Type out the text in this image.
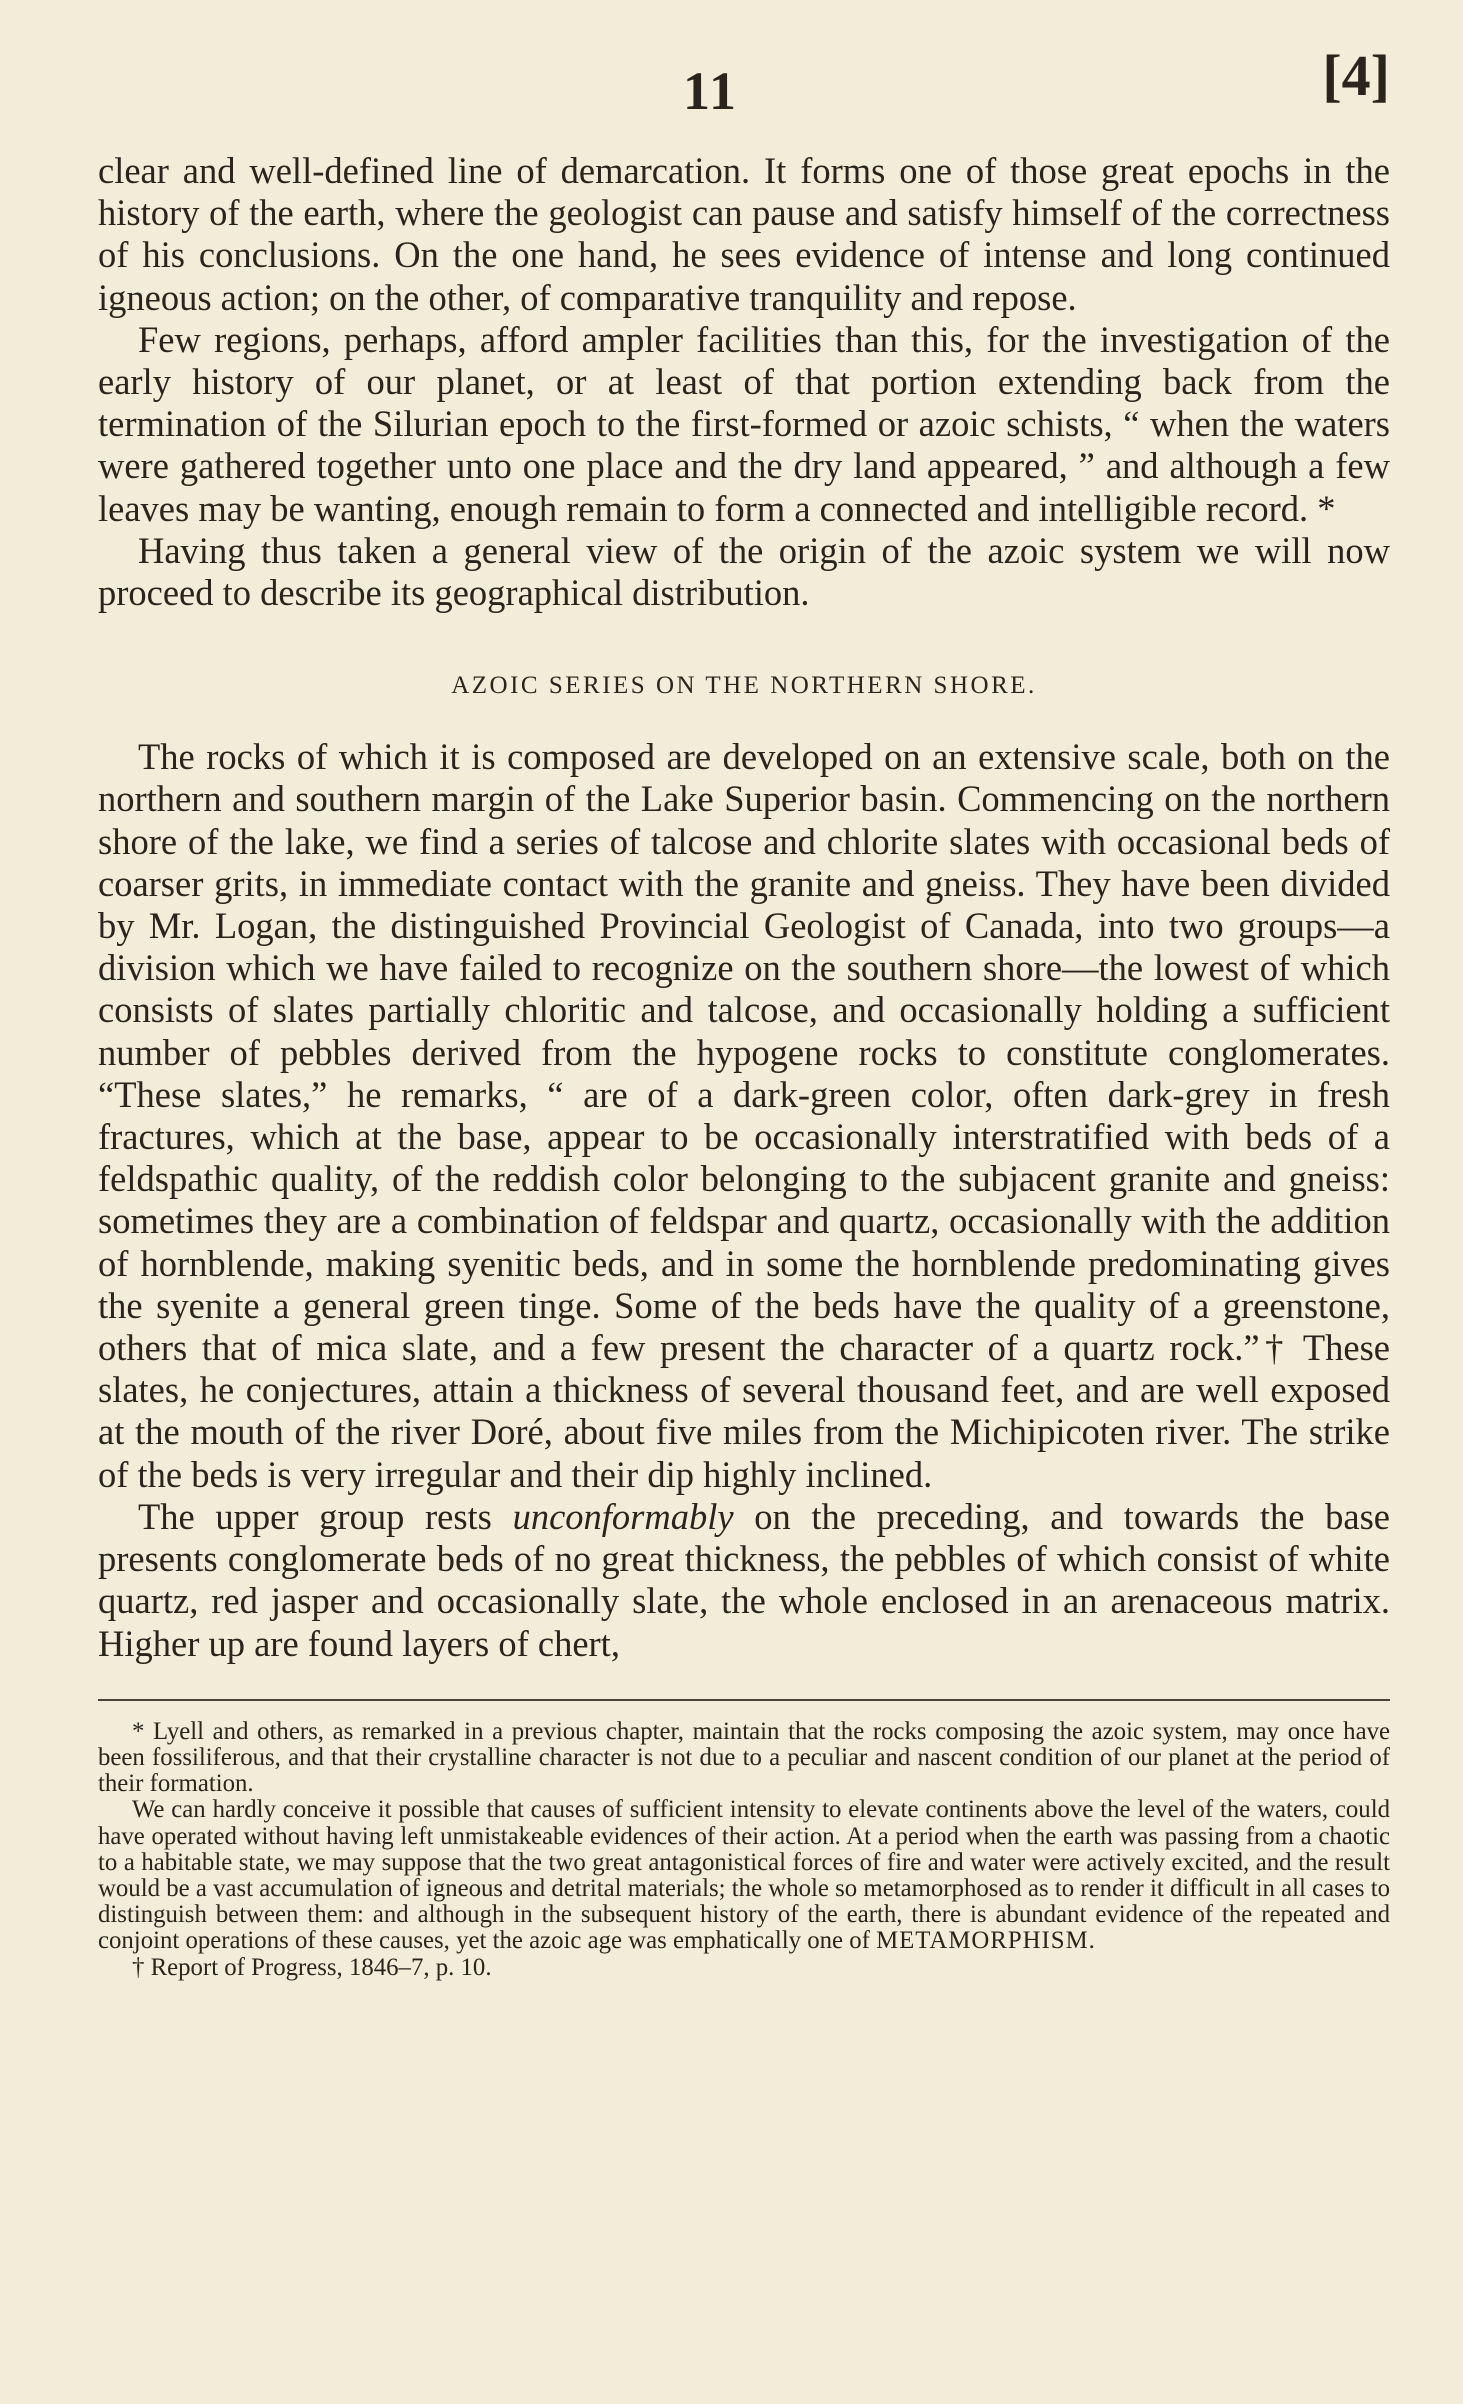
11	[4]

clear and well-defined line of demarcation. It forms one of those great epochs in the history of the earth, where the geologist can pause and satisfy himself of the correctness of his conclusions. On the one hand, he sees evidence of intense and long continued igneous action; on the other, of comparative tranquility and repose.

Few regions, perhaps, afford ampler facilities than this, for the investigation of the early history of our planet, or at least of that portion extending back from the termination of the Silurian epoch to the first-formed or azoic schists, “ when the waters were gathered together unto one place and the dry land appeared, ” and although a few leaves may be wanting, enough remain to form a connected and intelligible record. *

Having thus taken a general view of the origin of the azoic system we will now proceed to describe its geographical distribution.

AZOIC SERIES ON THE NORTHERN SHORE.

The rocks of which it is composed are developed on an extensive scale, both on the northern and southern margin of the Lake Superior basin. Commencing on the northern shore of the lake, we find a series of talcose and chlorite slates with occasional beds of coarser grits, in immediate contact with the granite and gneiss. They have been divided by Mr. Logan, the distinguished Provincial Geologist of Canada, into two groups—a division which we have failed to recognize on the southern shore—the lowest of which consists of slates partially chloritic and talcose, and occasionally holding a sufficient number of pebbles derived from the hypogene rocks to constitute conglomerates. “These slates,” he remarks, “ are of a dark-green color, often dark-grey in fresh fractures, which at the base, appear to be occasionally interstratified with beds of a feldspathic quality, of the reddish color belonging to the subjacent granite and gneiss: sometimes they are a combination of feldspar and quartz, occasionally with the addition of hornblende, making syenitic beds, and in some the hornblende predominating gives the syenite a general green tinge. Some of the beds have the quality of a greenstone, others that of mica slate, and a few present the character of a quartz rock.”† These slates, he conjectures, attain a thickness of several thousand feet, and are well exposed at the mouth of the river Doré, about five miles from the Michipicoten river. The strike of the beds is very irregular and their dip highly inclined.

The upper group rests unconformably on the preceding, and towards the base presents conglomerate beds of no great thickness, the pebbles of which consist of white quartz, red jasper and occasionally slate, the whole enclosed in an arenaceous matrix. Higher up are found layers of chert,

* Lyell and others, as remarked in a previous chapter, maintain that the rocks composing the azoic system, may once have been fossiliferous, and that their crystalline character is not due to a peculiar and nascent condition of our planet at the period of their formation.

We can hardly conceive it possible that causes of sufficient intensity to elevate continents above the level of the waters, could have operated without having left unmistakeable evidences of their action. At a period when the earth was passing from a chaotic to a habitable state, we may suppose that the two great antagonistical forces of fire and water were actively excited, and the result would be a vast accumulation of igneous and detrital materials; the whole so metamorphosed as to render it difficult in all cases to distinguish between them: and although in the subsequent history of the earth, there is abundant evidence of the repeated and conjoint operations of these causes, yet the azoic age was emphatically one of METAMORPHISM.

† Report of Progress, 1846–7, p. 10.
